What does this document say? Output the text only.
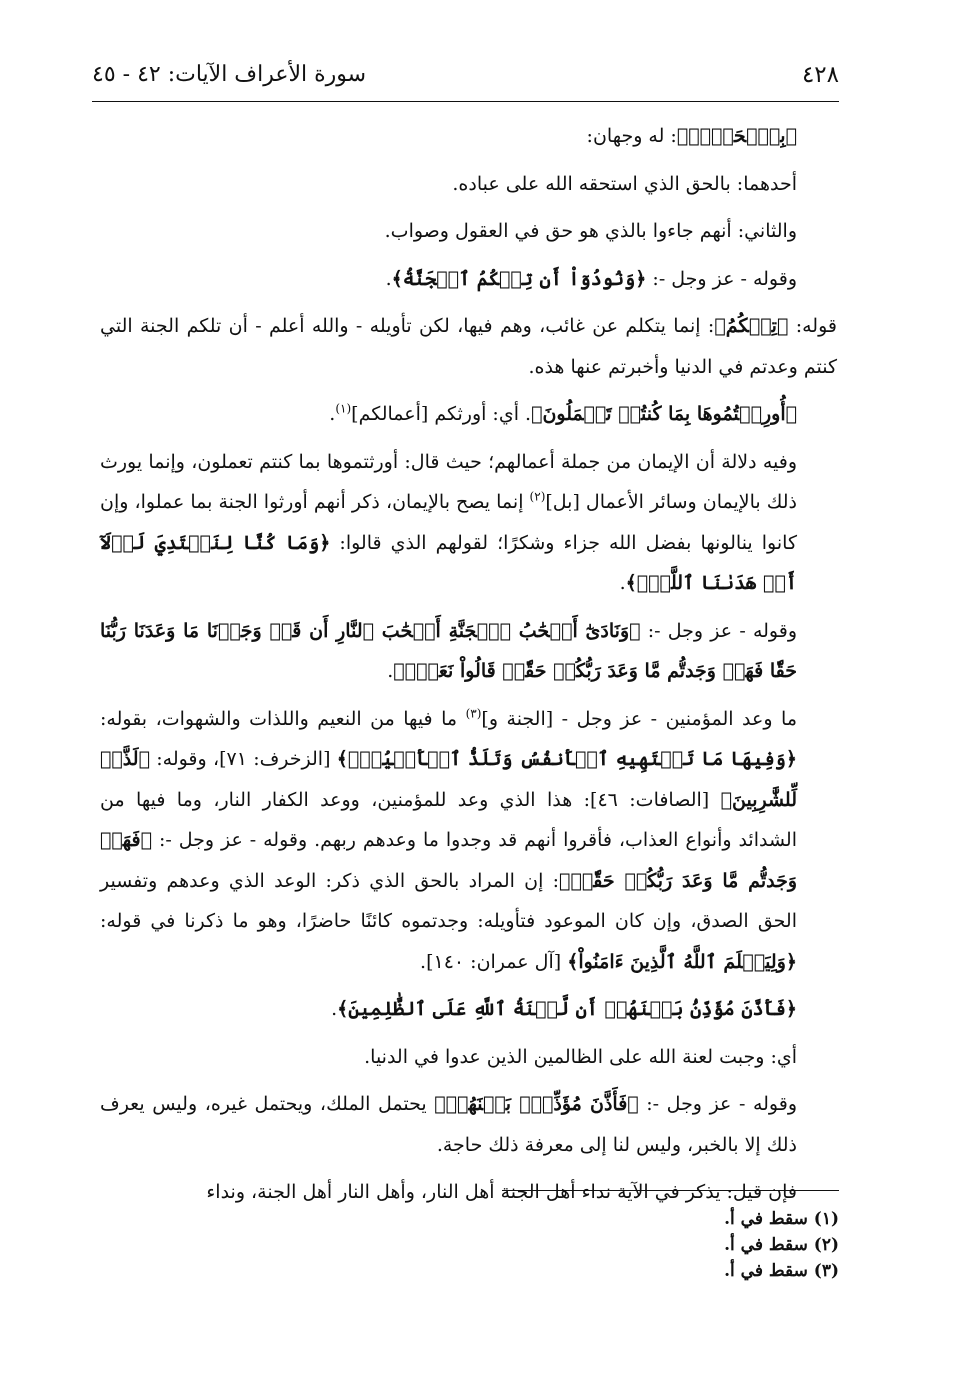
٤٢٨
سورة الأعراف الآيات: ٤٢ - ٤٥

﴿بِٱلۡحَقِّۖ﴾: له وجهان:

أحدهما: بالحق الذي استحقه الله على عباده.

والثاني: أنهم جاءوا بالذي هو حق في العقول وصواب.

وقوله - عز وجل -: ﴿وَنُودُوٓاْ أَن تِلۡكُمُ ٱلۡجَنَّةُ﴾.

قوله: ﴿تِلۡكُمُ﴾: إنما يتكلم عن غائب، وهم فيها، لكن تأويله - والله أعلم - أن تلكم الجنة التي كنتم وعدتم في الدنيا وأخبرتم عنها هذه.

﴿أُورِثۡتُمُوهَا بِمَا كُنتُمۡ تَعۡمَلُونَ﴾. أي: أورثكم [أعمالكم]$^{(١)}$.

وفيه دلالة أن الإيمان من جملة أعمالهم؛ حيث قال: أورثتموها بما كنتم تعملون، وإنما يورث ذلك بالإيمان وسائر الأعمال [بل]$^{(٢)}$ إنما يصح بالإيمان، ذكر أنهم أورثوا الجنة بما عملوا، وإن كانوا ينالونها بفضل الله جزاء وشكرًا؛ لقولهم الذي قالوا: ﴿وَمَا كُنَّا لِنَهۡتَدِيَ لَوۡلَآ أَنۡ هَدَىٰنَا ٱللَّهُۖ﴾.

وقوله - عز وجل -: ﴿وَنَادَىٰٓ أَصۡحَٰبُ ٱلۡجَنَّةِ أَصۡحَٰبَ ٱلنَّارِ أَن قَدۡ وَجَدۡنَا مَا وَعَدَنَا رَبُّنَا حَقّٗا فَهَلۡ وَجَدتُّم مَّا وَعَدَ رَبُّكُمۡ حَقّٗاۖ قَالُواْ نَعَمۡۚ﴾.

ما وعد المؤمنين - عز وجل - [الجنة و]$^{(٣)}$ ما فيها من النعيم واللذات والشهوات، بقوله: ﴿وَفِيهَا مَا تَشۡتَهِيهِ ٱلۡأَنفُسُ وَتَلَذُّ ٱلۡأَعۡيُنُۖ﴾ [الزخرف: ٧١]، وقوله: ﴿لَذَّةٖ لِّلشَّٰرِبِينَ﴾ [الصافات: ٤٦]: هذا الذي وعد للمؤمنين، ووعد الكفار النار، وما فيها من الشدائد وأنواع العذاب، فأقروا أنهم قد وجدوا ما وعدهم ربهم. وقوله - عز وجل -: ﴿فَهَلۡ وَجَدتُّم مَّا وَعَدَ رَبُّكُمۡ حَقّٗاۖ﴾: إن المراد بالحق الذي ذكر: الوعد الذي وعدهم وتفسير الحق الصدق، وإن كان الموعود فتأويله: وجدتموه كائنًا حاضرًا، وهو ما ذكرنا في قوله: ﴿وَلِيَعۡلَمَ ٱللَّهُ ٱلَّذِينَ ءَامَنُواْ﴾ [آل عمران: ١٤٠].

﴿فَأَذَّنَ مُؤَذِّنُۢ بَيۡنَهُمۡ أَن لَّعۡنَةُ ٱللَّهِ عَلَى ٱلظَّٰلِمِينَ﴾.

أي: وجبت لعنة الله على الظالمين الذين عدوا في الدنيا.

وقوله - عز وجل -: ﴿فَأَذَّنَ مُؤَذِّنُۢ بَيۡنَهُمۡ﴾ يحتمل الملك، ويحتمل غيره، وليس يعرف ذلك إلا بالخبر، وليس لنا إلى معرفة ذلك حاجة.

فإن قيل: يذكر في الآية نداء أهل الجنة أهل النار، وأهل النار أهل الجنة، ونداء

(١) سقط في أ.

(٢) سقط في أ.

(٣) سقط في أ.
